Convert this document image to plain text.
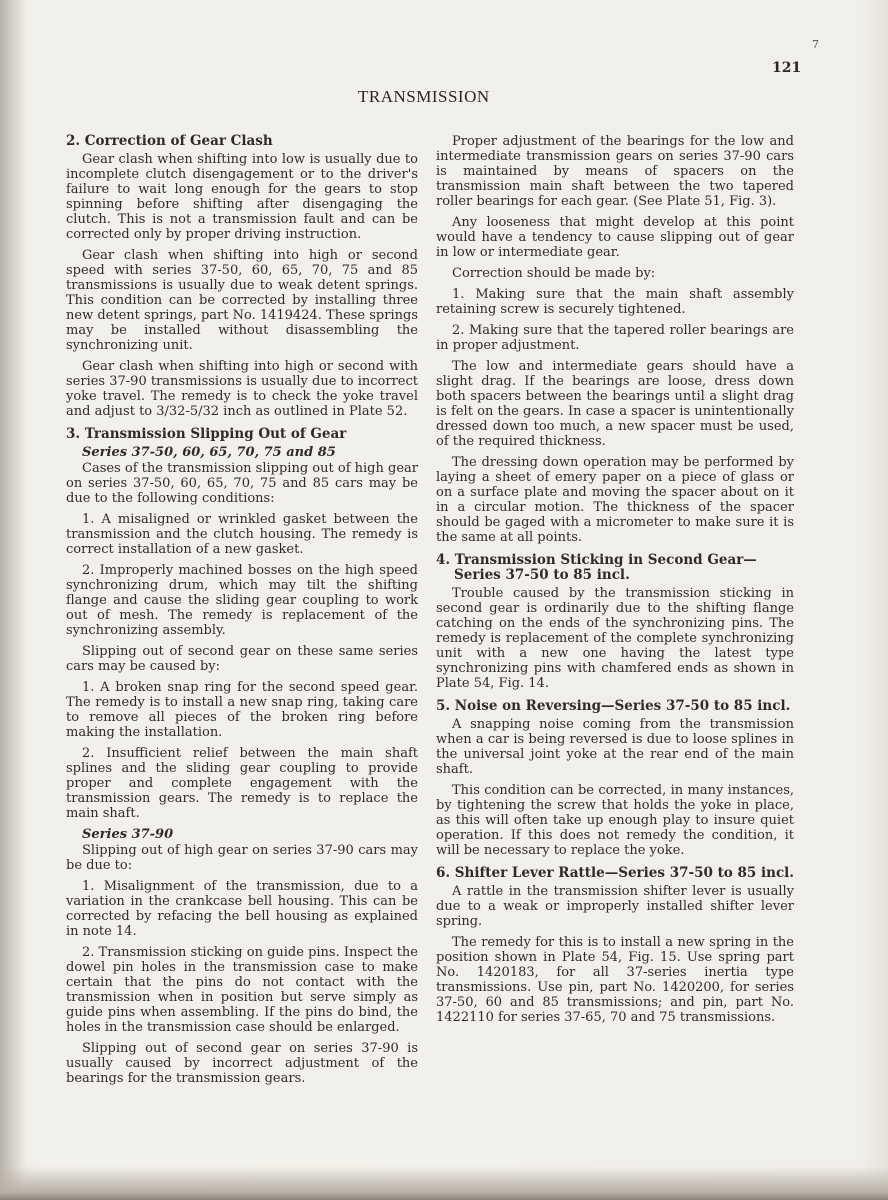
7
121
TRANSMISSION
2. Correction of Gear Clash

Gear clash when shifting into low is usually due to incomplete clutch disengagement or to the driver's failure to wait long enough for the gears to stop spinning before shifting after disengaging the clutch. This is not a transmission fault and can be corrected only by proper driving instruction.

Gear clash when shifting into high or second speed with series 37-50, 60, 65, 70, 75 and 85 transmissions is usually due to weak detent springs. This condition can be corrected by installing three new detent springs, part No. 1419424. These springs may be installed without disassembling the synchronizing unit.

Gear clash when shifting into high or second with series 37-90 transmissions is usually due to incorrect yoke travel. The remedy is to check the yoke travel and adjust to 3/32-5/32 inch as outlined in Plate 52.

3. Transmission Slipping Out of Gear
Series 37-50, 60, 65, 70, 75 and 85

Cases of the transmission slipping out of high gear on series 37-50, 60, 65, 70, 75 and 85 cars may be due to the following conditions:

1. A misaligned or wrinkled gasket between the transmission and the clutch housing. The remedy is correct installation of a new gasket.

2. Improperly machined bosses on the high speed synchronizing drum, which may tilt the shifting flange and cause the sliding gear coupling to work out of mesh. The remedy is replacement of the synchronizing assembly.

Slipping out of second gear on these same series cars may be caused by:

1. A broken snap ring for the second speed gear. The remedy is to install a new snap ring, taking care to remove all pieces of the broken ring before making the installation.

2. Insufficient relief between the main shaft splines and the sliding gear coupling to provide proper and complete engagement with the transmission gears. The remedy is to replace the main shaft.

Series 37-90

Slipping out of high gear on series 37-90 cars may be due to:

1. Misalignment of the transmission, due to a variation in the crankcase bell housing. This can be corrected by refacing the bell housing as explained in note 14.

2. Transmission sticking on guide pins. Inspect the dowel pin holes in the transmission case to make certain that the pins do not contact with the transmission when in position but serve simply as guide pins when assembling. If the pins do bind, the holes in the transmission case should be enlarged.

Slipping out of second gear on series 37-90 is usually caused by incorrect adjustment of the bearings for the transmission gears.

Proper adjustment of the bearings for the low and intermediate transmission gears on series 37-90 cars is maintained by means of spacers on the transmission main shaft between the two tapered roller bearings for each gear. (See Plate 51, Fig. 3).

Any looseness that might develop at this point would have a tendency to cause slipping out of gear in low or intermediate gear.

Correction should be made by:

1. Making sure that the main shaft assembly retaining screw is securely tightened.

2. Making sure that the tapered roller bearings are in proper adjustment.

The low and intermediate gears should have a slight drag. If the bearings are loose, dress down both spacers between the bearings until a slight drag is felt on the gears. In case a spacer is unintentionally dressed down too much, a new spacer must be used, of the required thickness.

The dressing down operation may be performed by laying a sheet of emery paper on a piece of glass or on a surface plate and moving the spacer about on it in a circular motion. The thickness of the spacer should be gaged with a micrometer to make sure it is the same at all points.

4. Transmission Sticking in Second Gear—Series 37-50 to 85 incl.

Trouble caused by the transmission sticking in second gear is ordinarily due to the shifting flange catching on the ends of the synchronizing pins. The remedy is replacement of the complete synchronizing unit with a new one having the latest type synchronizing pins with chamfered ends as shown in Plate 54, Fig. 14.

5. Noise on Reversing—Series 37-50 to 85 incl.

A snapping noise coming from the transmission when a car is being reversed is due to loose splines in the universal joint yoke at the rear end of the main shaft.

This condition can be corrected, in many instances, by tightening the screw that holds the yoke in place, as this will often take up enough play to insure quiet operation. If this does not remedy the condition, it will be necessary to replace the yoke.

6. Shifter Lever Rattle—Series 37-50 to 85 incl.

A rattle in the transmission shifter lever is usually due to a weak or improperly installed shifter lever spring.

The remedy for this is to install a new spring in the position shown in Plate 54, Fig. 15. Use spring part No. 1420183, for all 37-series inertia type transmissions. Use pin, part No. 1420200, for series 37-50, 60 and 85 transmissions; and pin, part No. 1422110 for series 37-65, 70 and 75 transmissions.
